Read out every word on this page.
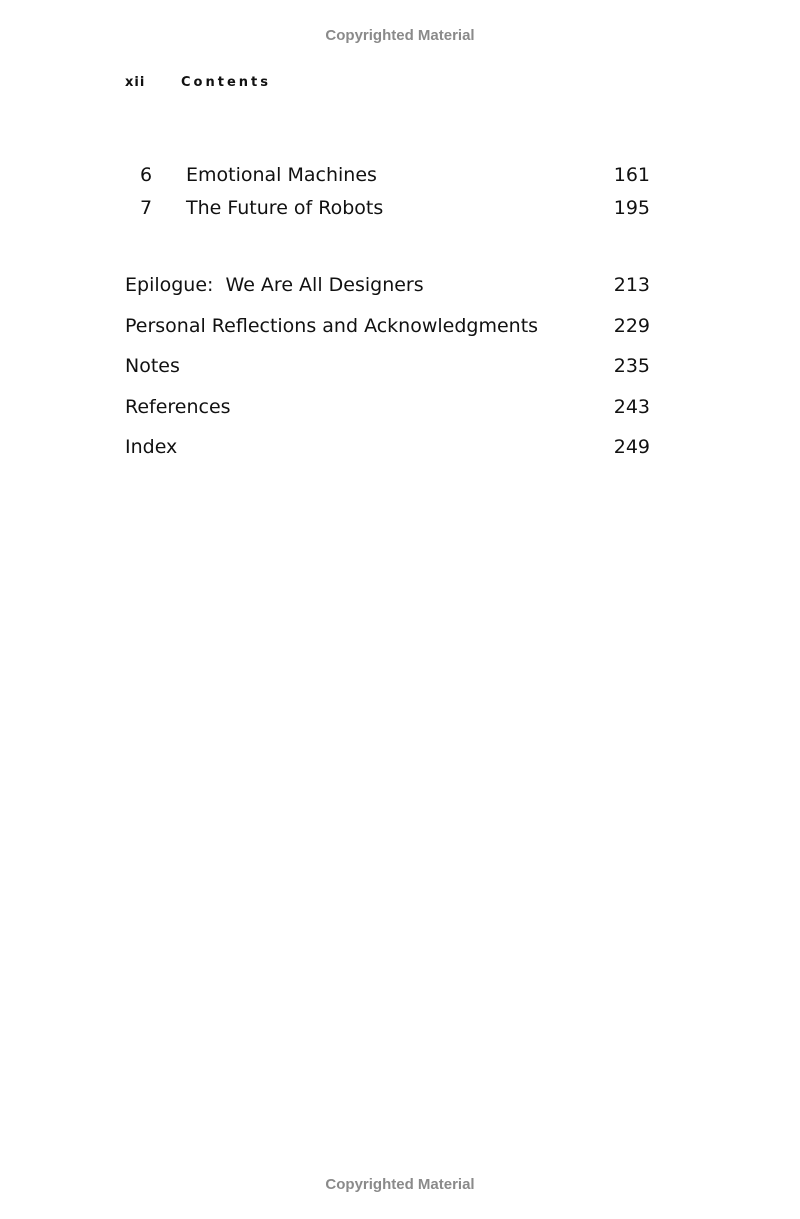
Copyrighted Material
xii	Contents
6	Emotional Machines	161
7	The Future of Robots	195
Epilogue:  We Are All Designers	213
Personal Reflections and Acknowledgments	229
Notes	235
References	243
Index	249
Copyrighted Material
